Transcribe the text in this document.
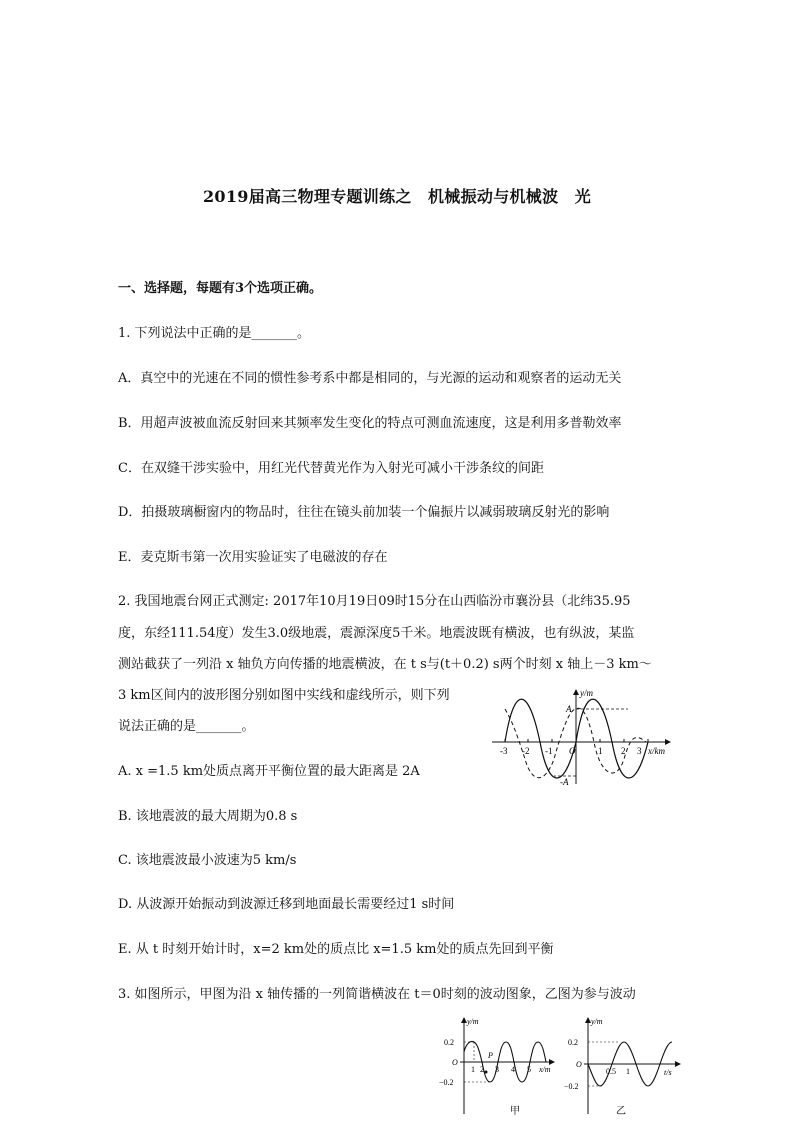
2019届高三物理专题训练之　机械振动与机械波　光
一、选择题，每题有3个选项正确。
1. 下列说法中正确的是_______。
A．真空中的光速在不同的惯性参考系中都是相同的，与光源的运动和观察者的运动无关
B．用超声波被血流反射回来其频率发生变化的特点可测血流速度，这是利用多普勒效率
C．在双缝干涉实验中，用红光代替黄光作为入射光可减小干涉条纹的间距
D．拍摄玻璃橱窗内的物品时，往往在镜头前加装一个偏振片以减弱玻璃反射光的影响
E．麦克斯韦第一次用实验证实了电磁波的存在
2. 我国地震台网正式测定: 2017年10月19日09时15分在山西临汾市襄汾县（北纬35.95
度，东经111.54度）发生3.0级地震，震源深度5千米。地震波既有横波，也有纵波，某监
测站截获了一列沿 x 轴负方向传播的地震横波，在 t s与(t＋0.2) s两个时刻 x 轴上－3 km～
3 km区间内的波形图分别如图中实线和虚线所示，则下列
说法正确的是_______。
A. x =1.5 km处质点离开平衡位置的最大距离是 2A
B. 该地震波的最大周期为0.8 s
C. 该地震波最小波速为5 km/s
D. 从波源开始振动到波源迁移到地面最长需要经过1 s时间
E. 从 t 时刻开始计时，x=2 km处的质点比 x=1.5 km处的质点先回到平衡
y/m
A
-A
x/km
-3 -2 -1 O	1 2 3
3. 如图所示，甲图为沿 x 轴传播的一列简谐横波在 t＝0时刻的波动图象，乙图为参与波动
y/m
0.2
−0.2
O
P
1 2 3 4 5 x/m
甲
y/m
0.2
−0.2
O
0.5 1	t/s
乙
